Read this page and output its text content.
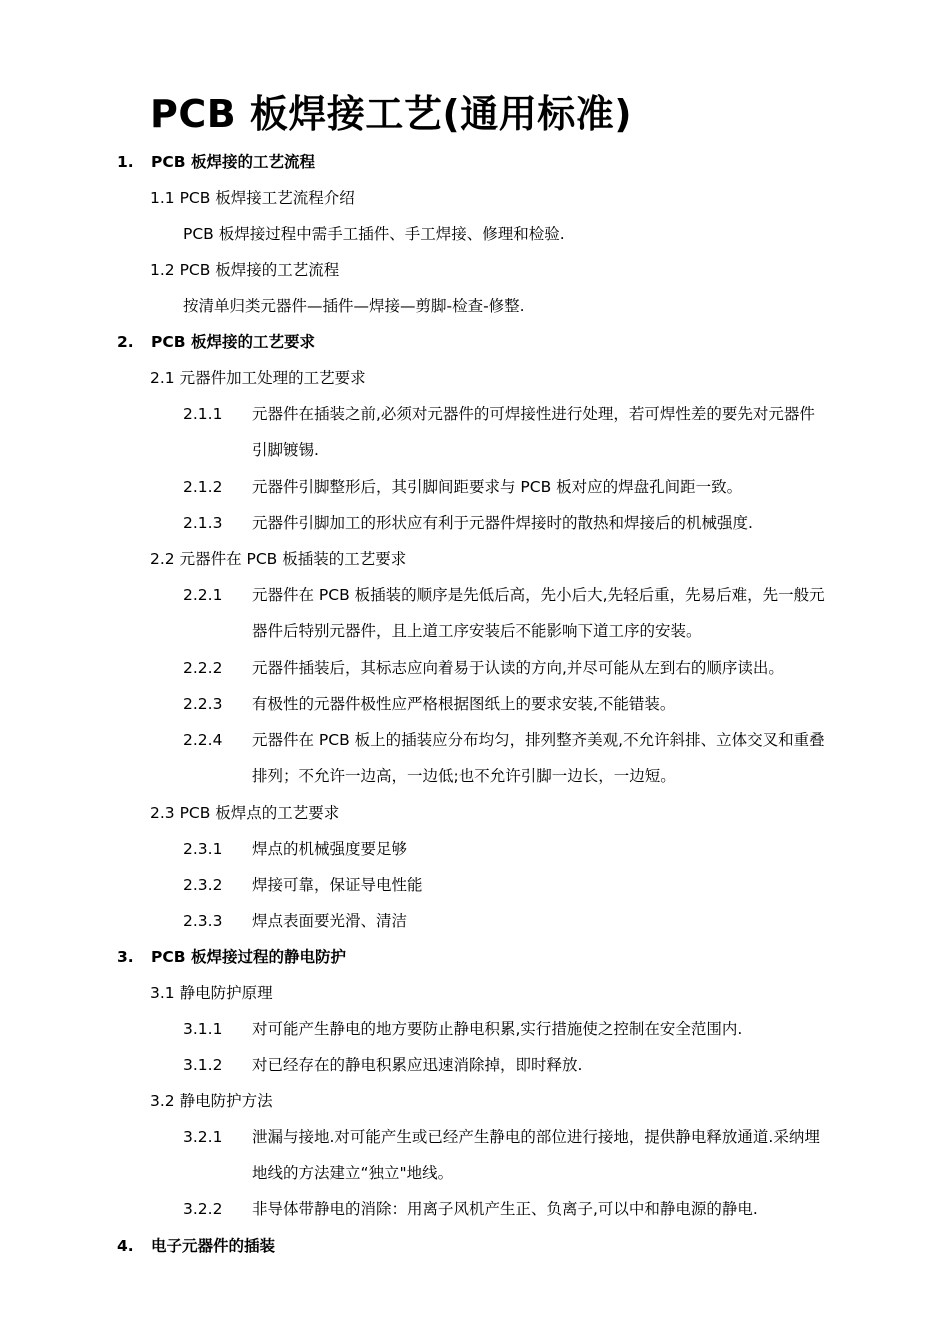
PCB 板焊接工艺(通用标准)
1. PCB 板焊接的工艺流程
1.1 PCB 板焊接工艺流程介绍
PCB 板焊接过程中需手工插件、手工焊接、修理和检验.
1.2 PCB 板焊接的工艺流程
按清单归类元器件—插件—焊接—剪脚-检查-修整.
2. PCB 板焊接的工艺要求
2.1 元器件加工处理的工艺要求
2.1.1 元器件在插装之前,必须对元器件的可焊接性进行处理，若可焊性差的要先对元器件
引脚镀锡.
2.1.2 元器件引脚整形后，其引脚间距要求与 PCB 板对应的焊盘孔间距一致。
2.1.3 元器件引脚加工的形状应有利于元器件焊接时的散热和焊接后的机械强度.
2.2 元器件在 PCB 板插装的工艺要求
2.2.1 元器件在 PCB 板插装的顺序是先低后高，先小后大,先轻后重，先易后难，先一般元
器件后特别元器件，且上道工序安装后不能影响下道工序的安装。
2.2.2 元器件插装后，其标志应向着易于认读的方向,并尽可能从左到右的顺序读出。
2.2.3 有极性的元器件极性应严格根据图纸上的要求安装,不能错装。
2.2.4 元器件在 PCB 板上的插装应分布均匀，排列整齐美观,不允许斜排、立体交叉和重叠
排列；不允许一边高，一边低;也不允许引脚一边长，一边短。
2.3 PCB 板焊点的工艺要求
2.3.1 焊点的机械强度要足够
2.3.2 焊接可靠，保证导电性能
2.3.3 焊点表面要光滑、清洁
3. PCB 板焊接过程的静电防护
3.1 静电防护原理
3.1.1 对可能产生静电的地方要防止静电积累,实行措施使之控制在安全范围内.
3.1.2 对已经存在的静电积累应迅速消除掉，即时释放.
3.2 静电防护方法
3.2.1 泄漏与接地.对可能产生或已经产生静电的部位进行接地，提供静电释放通道.采纳埋
地线的方法建立“独立"地线。
3.2.2 非导体带静电的消除：用离子风机产生正、负离子,可以中和静电源的静电.
4. 电子元器件的插装
